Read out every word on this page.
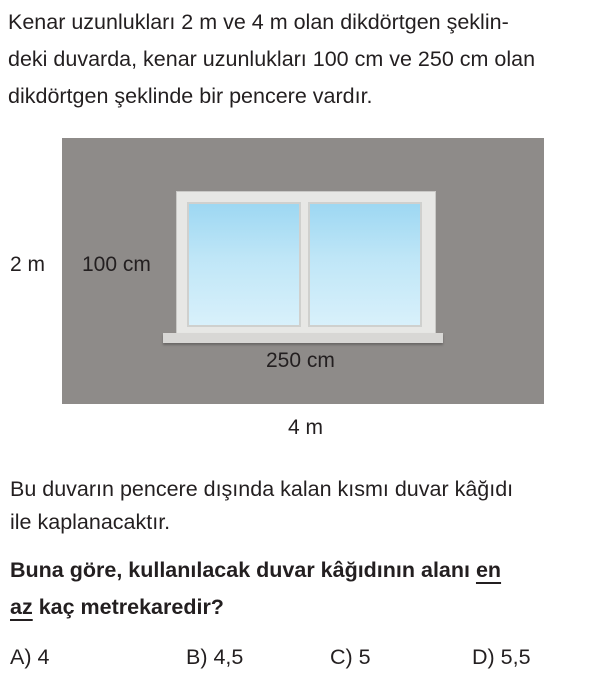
Kenar uzunlukları 2 m ve 4 m olan dikdörtgen şeklin-
deki duvarda, kenar uzunlukları 100 cm ve 250 cm olan
dikdörtgen şeklinde bir pencere vardır.

2 m 100 cm
250 cm
4 m
Bu duvarın pencere dışında kalan kısmı duvar kâğıdı
ile kaplanacaktır.
Buna göre, kullanılacak duvar kâğıdının alanı en
az kaç metrekaredir?
A) 4	B) 4,5	C) 5	D) 5,5
